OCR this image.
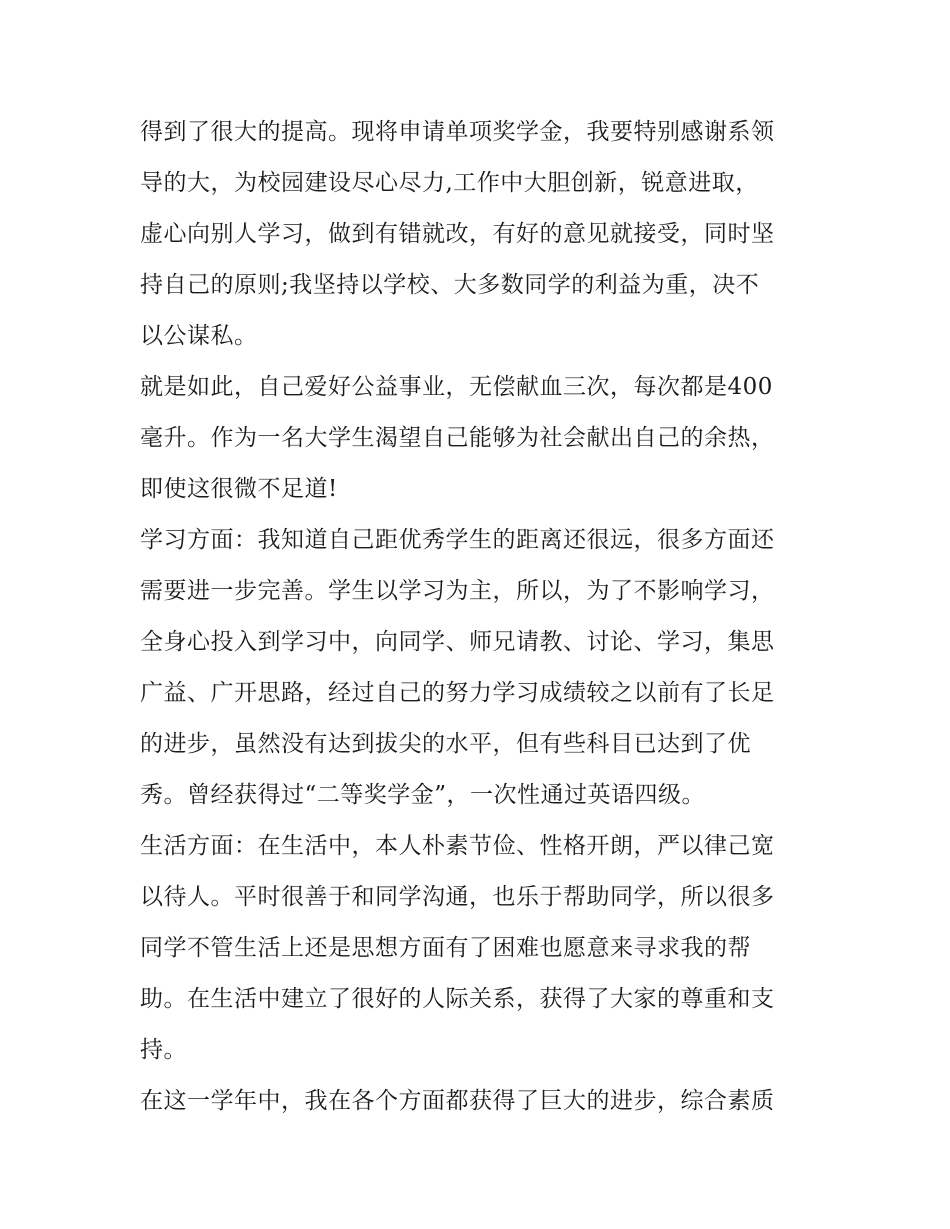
得到了很大的提高。现将申请单项奖学金，我要特别感谢系领
导的大，为校园建设尽心尽力,工作中大胆创新，锐意进取，
虚心向别人学习，做到有错就改，有好的意见就接受，同时坚
持自己的原则;我坚持以学校、大多数同学的利益为重，决不
以公谋私。
就是如此，自己爱好公益事业，无偿献血三次，每次都是400
毫升。作为一名大学生渴望自己能够为社会献出自己的余热，
即使这很微不足道!
学习方面：我知道自己距优秀学生的距离还很远，很多方面还
需要进一步完善。学生以学习为主，所以，为了不影响学习，
全身心投入到学习中，向同学、师兄请教、讨论、学习，集思
广益、广开思路，经过自己的努力学习成绩较之以前有了长足
的进步，虽然没有达到拔尖的水平，但有些科目已达到了优
秀。曾经获得过“二等奖学金”，一次性通过英语四级。
生活方面：在生活中，本人朴素节俭、性格开朗，严以律己宽
以待人。平时很善于和同学沟通，也乐于帮助同学，所以很多
同学不管生活上还是思想方面有了困难也愿意来寻求我的帮
助。在生活中建立了很好的人际关系，获得了大家的尊重和支
持。
在这一学年中，我在各个方面都获得了巨大的进步，综合素质
